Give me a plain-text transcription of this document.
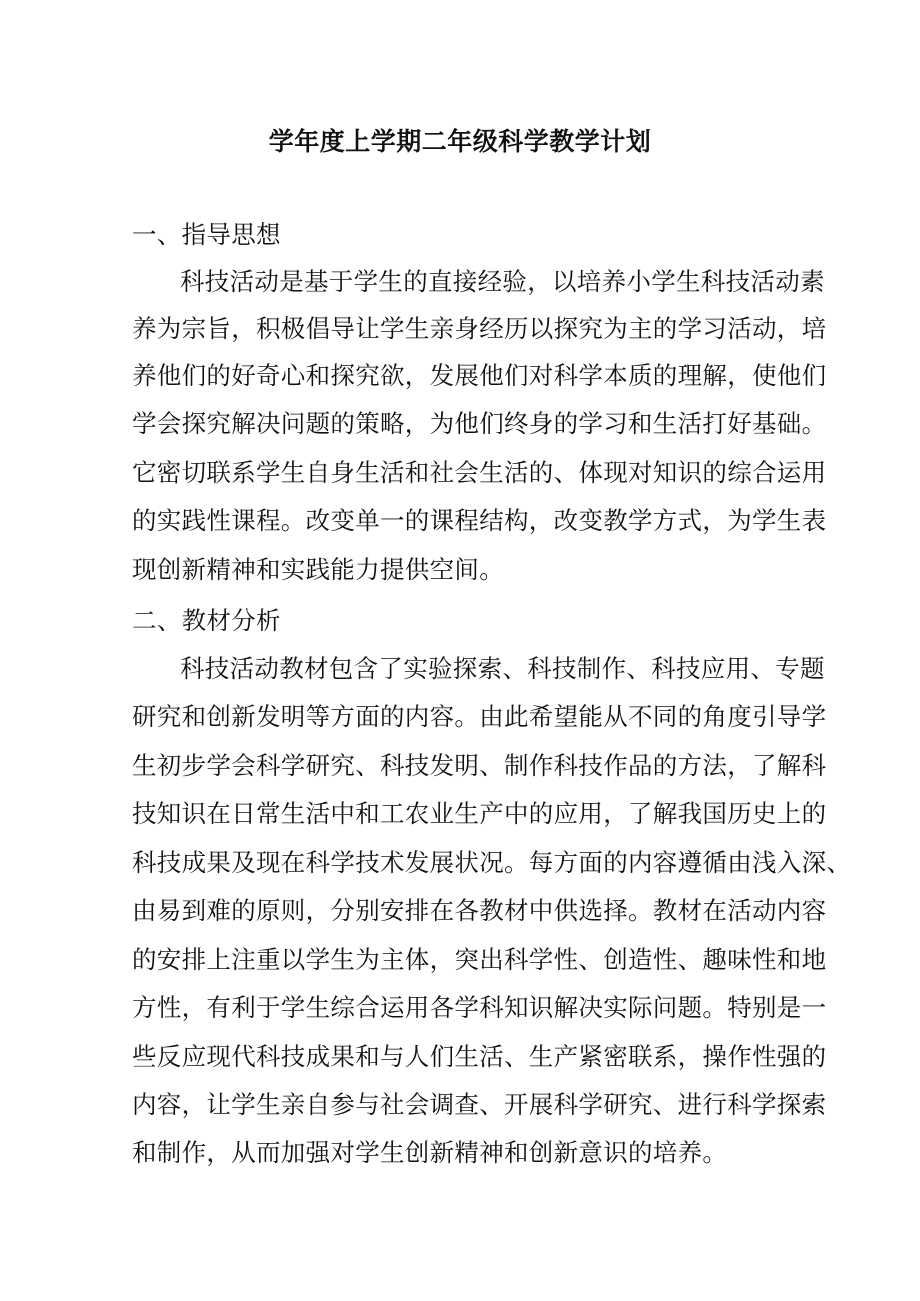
学年度上学期二年级科学教学计划
一、指导思想
科技活动是基于学生的直接经验，以培养小学生科技活动素
养为宗旨，积极倡导让学生亲身经历以探究为主的学习活动，培
养他们的好奇心和探究欲，发展他们对科学本质的理解，使他们
学会探究解决问题的策略，为他们终身的学习和生活打好基础。
它密切联系学生自身生活和社会生活的、体现对知识的综合运用
的实践性课程。改变单一的课程结构，改变教学方式，为学生表
现创新精神和实践能力提供空间。
二、教材分析
科技活动教材包含了实验探索、科技制作、科技应用、专题
研究和创新发明等方面的内容。由此希望能从不同的角度引导学
生初步学会科学研究、科技发明、制作科技作品的方法，了解科
技知识在日常生活中和工农业生产中的应用，了解我国历史上的
科技成果及现在科学技术发展状况。每方面的内容遵循由浅入深、
由易到难的原则，分别安排在各教材中供选择。教材在活动内容
的安排上注重以学生为主体，突出科学性、创造性、趣味性和地
方性，有利于学生综合运用各学科知识解决实际问题。特别是一
些反应现代科技成果和与人们生活、生产紧密联系，操作性强的
内容，让学生亲自参与社会调查、开展科学研究、进行科学探索
和制作，从而加强对学生创新精神和创新意识的培养。
